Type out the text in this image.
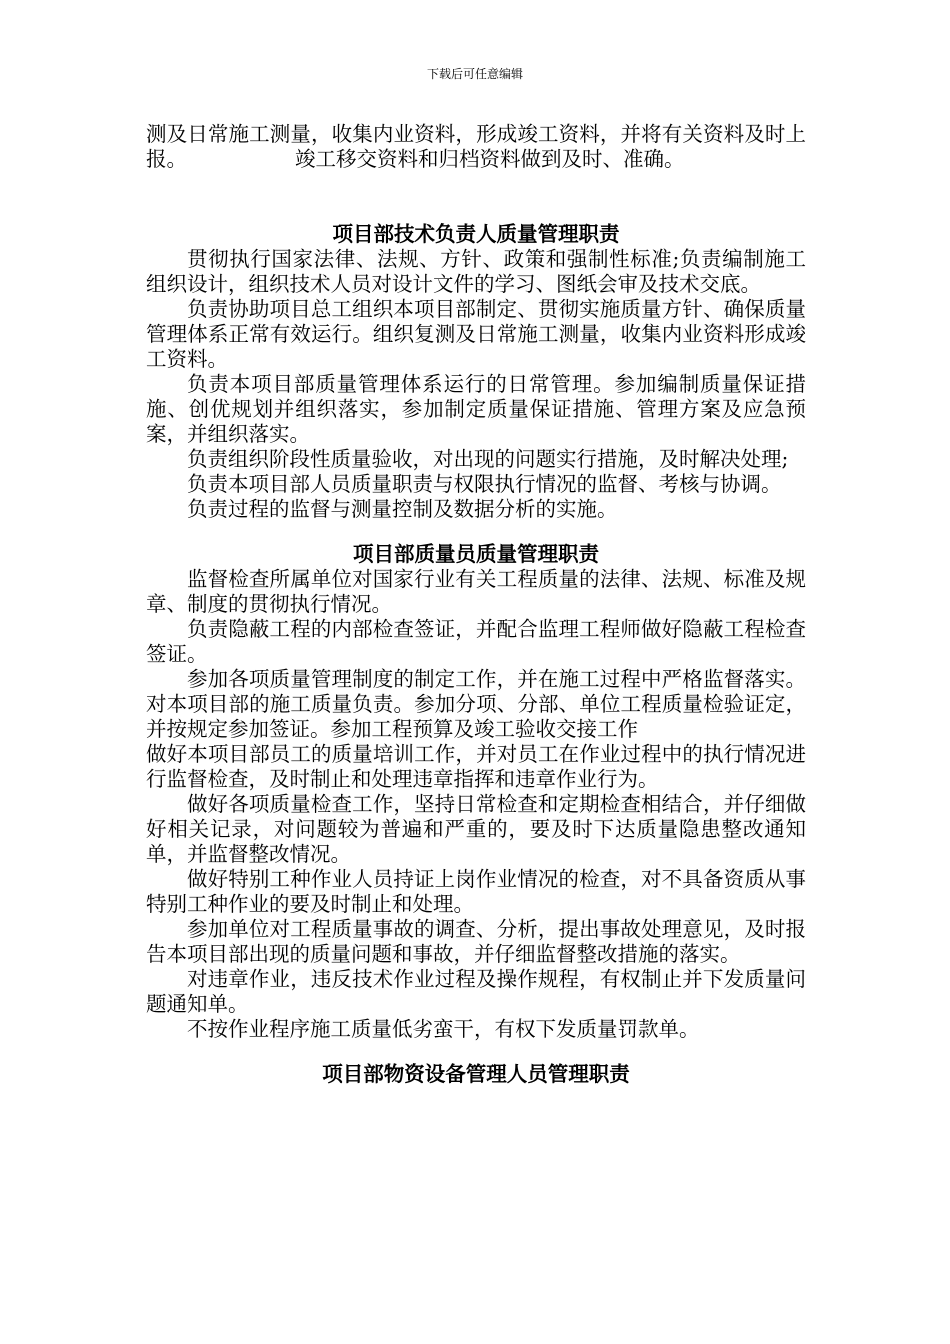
下载后可任意编辑

测及日常施工测量，收集内业资料，形成竣工资料，并将有关资料及时上报。	竣工移交资料和归档资料做到及时、准确。

项目部技术负责人质量管理职责

贯彻执行国家法律、法规、方针、政策和强制性标准;负责编制施工组织设计，组织技术人员对设计文件的学习、图纸会审及技术交底。

负责协助项目总工组织本项目部制定、贯彻实施质量方针、确保质量管理体系正常有效运行。组织复测及日常施工测量，收集内业资料形成竣工资料。

负责本项目部质量管理体系运行的日常管理。参加编制质量保证措施、创优规划并组织落实，参加制定质量保证措施、管理方案及应急预案，并组织落实。

负责组织阶段性质量验收，对出现的问题实行措施，及时解决处理;

负责本项目部人员质量职责与权限执行情况的监督、考核与协调。

负责过程的监督与测量控制及数据分析的实施。

项目部质量员质量管理职责

监督检查所属单位对国家行业有关工程质量的法律、法规、标准及规章、制度的贯彻执行情况。

负责隐蔽工程的内部检查签证，并配合监理工程师做好隐蔽工程检查签证。

参加各项质量管理制度的制定工作，并在施工过程中严格监督落实。 对本项目部的施工质量负责。参加分项、分部、单位工程质量检验证定，并按规定参加签证。参加工程预算及竣工验收交接工作

做好本项目部员工的质量培训工作，并对员工在作业过程中的执行情况进行监督检查，及时制止和处理违章指挥和违章作业行为。

做好各项质量检查工作，坚持日常检查和定期检查相结合，并仔细做好相关记录，对问题较为普遍和严重的，要及时下达质量隐患整改通知单，并监督整改情况。

做好特别工种作业人员持证上岗作业情况的检查，对不具备资质从事特别工种作业的要及时制止和处理。

参加单位对工程质量事故的调查、分析，提出事故处理意见，及时报告本项目部出现的质量问题和事故，并仔细监督整改措施的落实。

对违章作业，违反技术作业过程及操作规程，有权制止并下发质量问题通知单。

不按作业程序施工质量低劣蛮干，有权下发质量罚款单。

项目部物资设备管理人员管理职责
